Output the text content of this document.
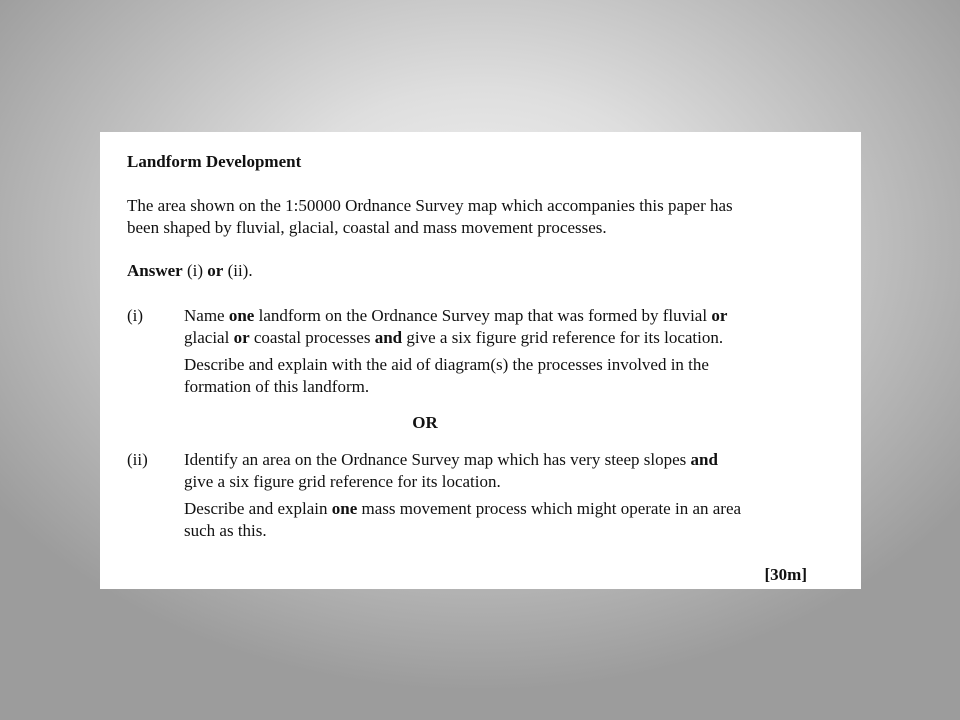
Landform Development

The area shown on the 1:50000 Ordnance Survey map which accompanies this paper has

been shaped by fluvial, glacial, coastal and mass movement processes.

Answer (i) or (ii).

(i) Name one landform on the Ordnance Survey map that was formed by fluvial or

glacial or coastal processes and give a six figure grid reference for its location.

Describe and explain with the aid of diagram(s) the processes involved in the

formation of this landform.

OR
(ii) Identify an area on the Ordnance Survey map which has very steep slopes and

give a six figure grid reference for its location.

Describe and explain one mass movement process which might operate in an area

such as this.

[30m]
